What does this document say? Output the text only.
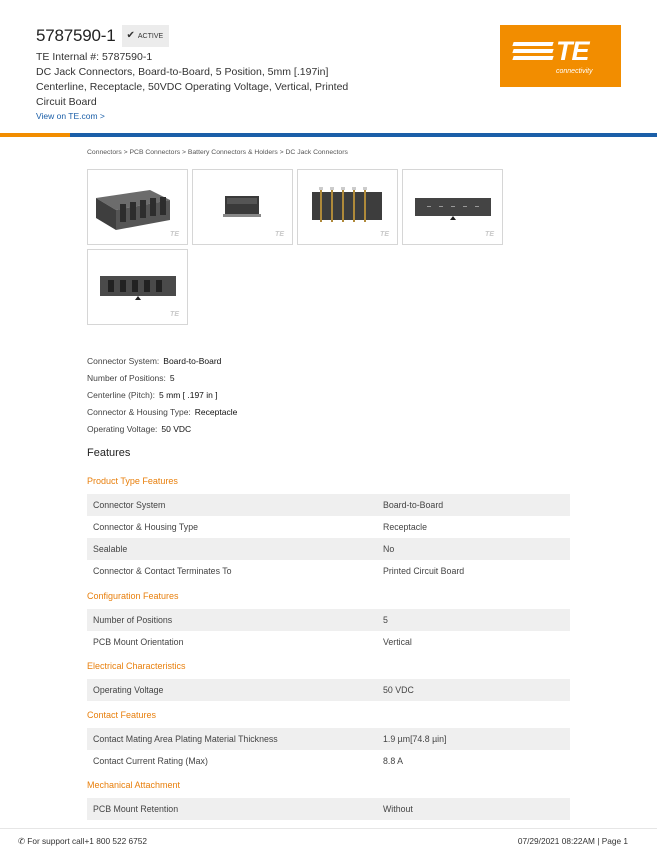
5787590-1 ✔ ACTIVE
TE Internal #: 5787590-1
DC Jack Connectors, Board-to-Board, 5 Position, 5mm [.197in]
Centerline, Receptacle, 50VDC Operating Voltage, Vertical, Printed
Circuit Board
View on TE.com >
TE
connectivity
Connectors > PCB Connectors > Battery Connectors & Holders > DC Jack Connectors
TE	TE	TE	TE
TE
Connector System: Board-to-Board
Number of Positions: 5
Centerline (Pitch): 5 mm [ .197 in ]
Connector & Housing Type: Receptacle
Operating Voltage: 50 VDC
Features
Product Type Features
Connector System	Board-to-Board
Connector & Housing Type	Receptacle
Sealable	No
Connector & Contact Terminates To	Printed Circuit Board
Configuration Features
Number of Positions	5
PCB Mount Orientation	Vertical
Electrical Characteristics
Operating Voltage	50 VDC
Contact Features
Contact Mating Area Plating Material Thickness	1.9 µm[74.8 µin]
Contact Current Rating (Max)	8.8 A
Mechanical Attachment
PCB Mount Retention	Without
✆ For support call+1 800 522 6752	07/29/2021 08:22AM | Page 1
